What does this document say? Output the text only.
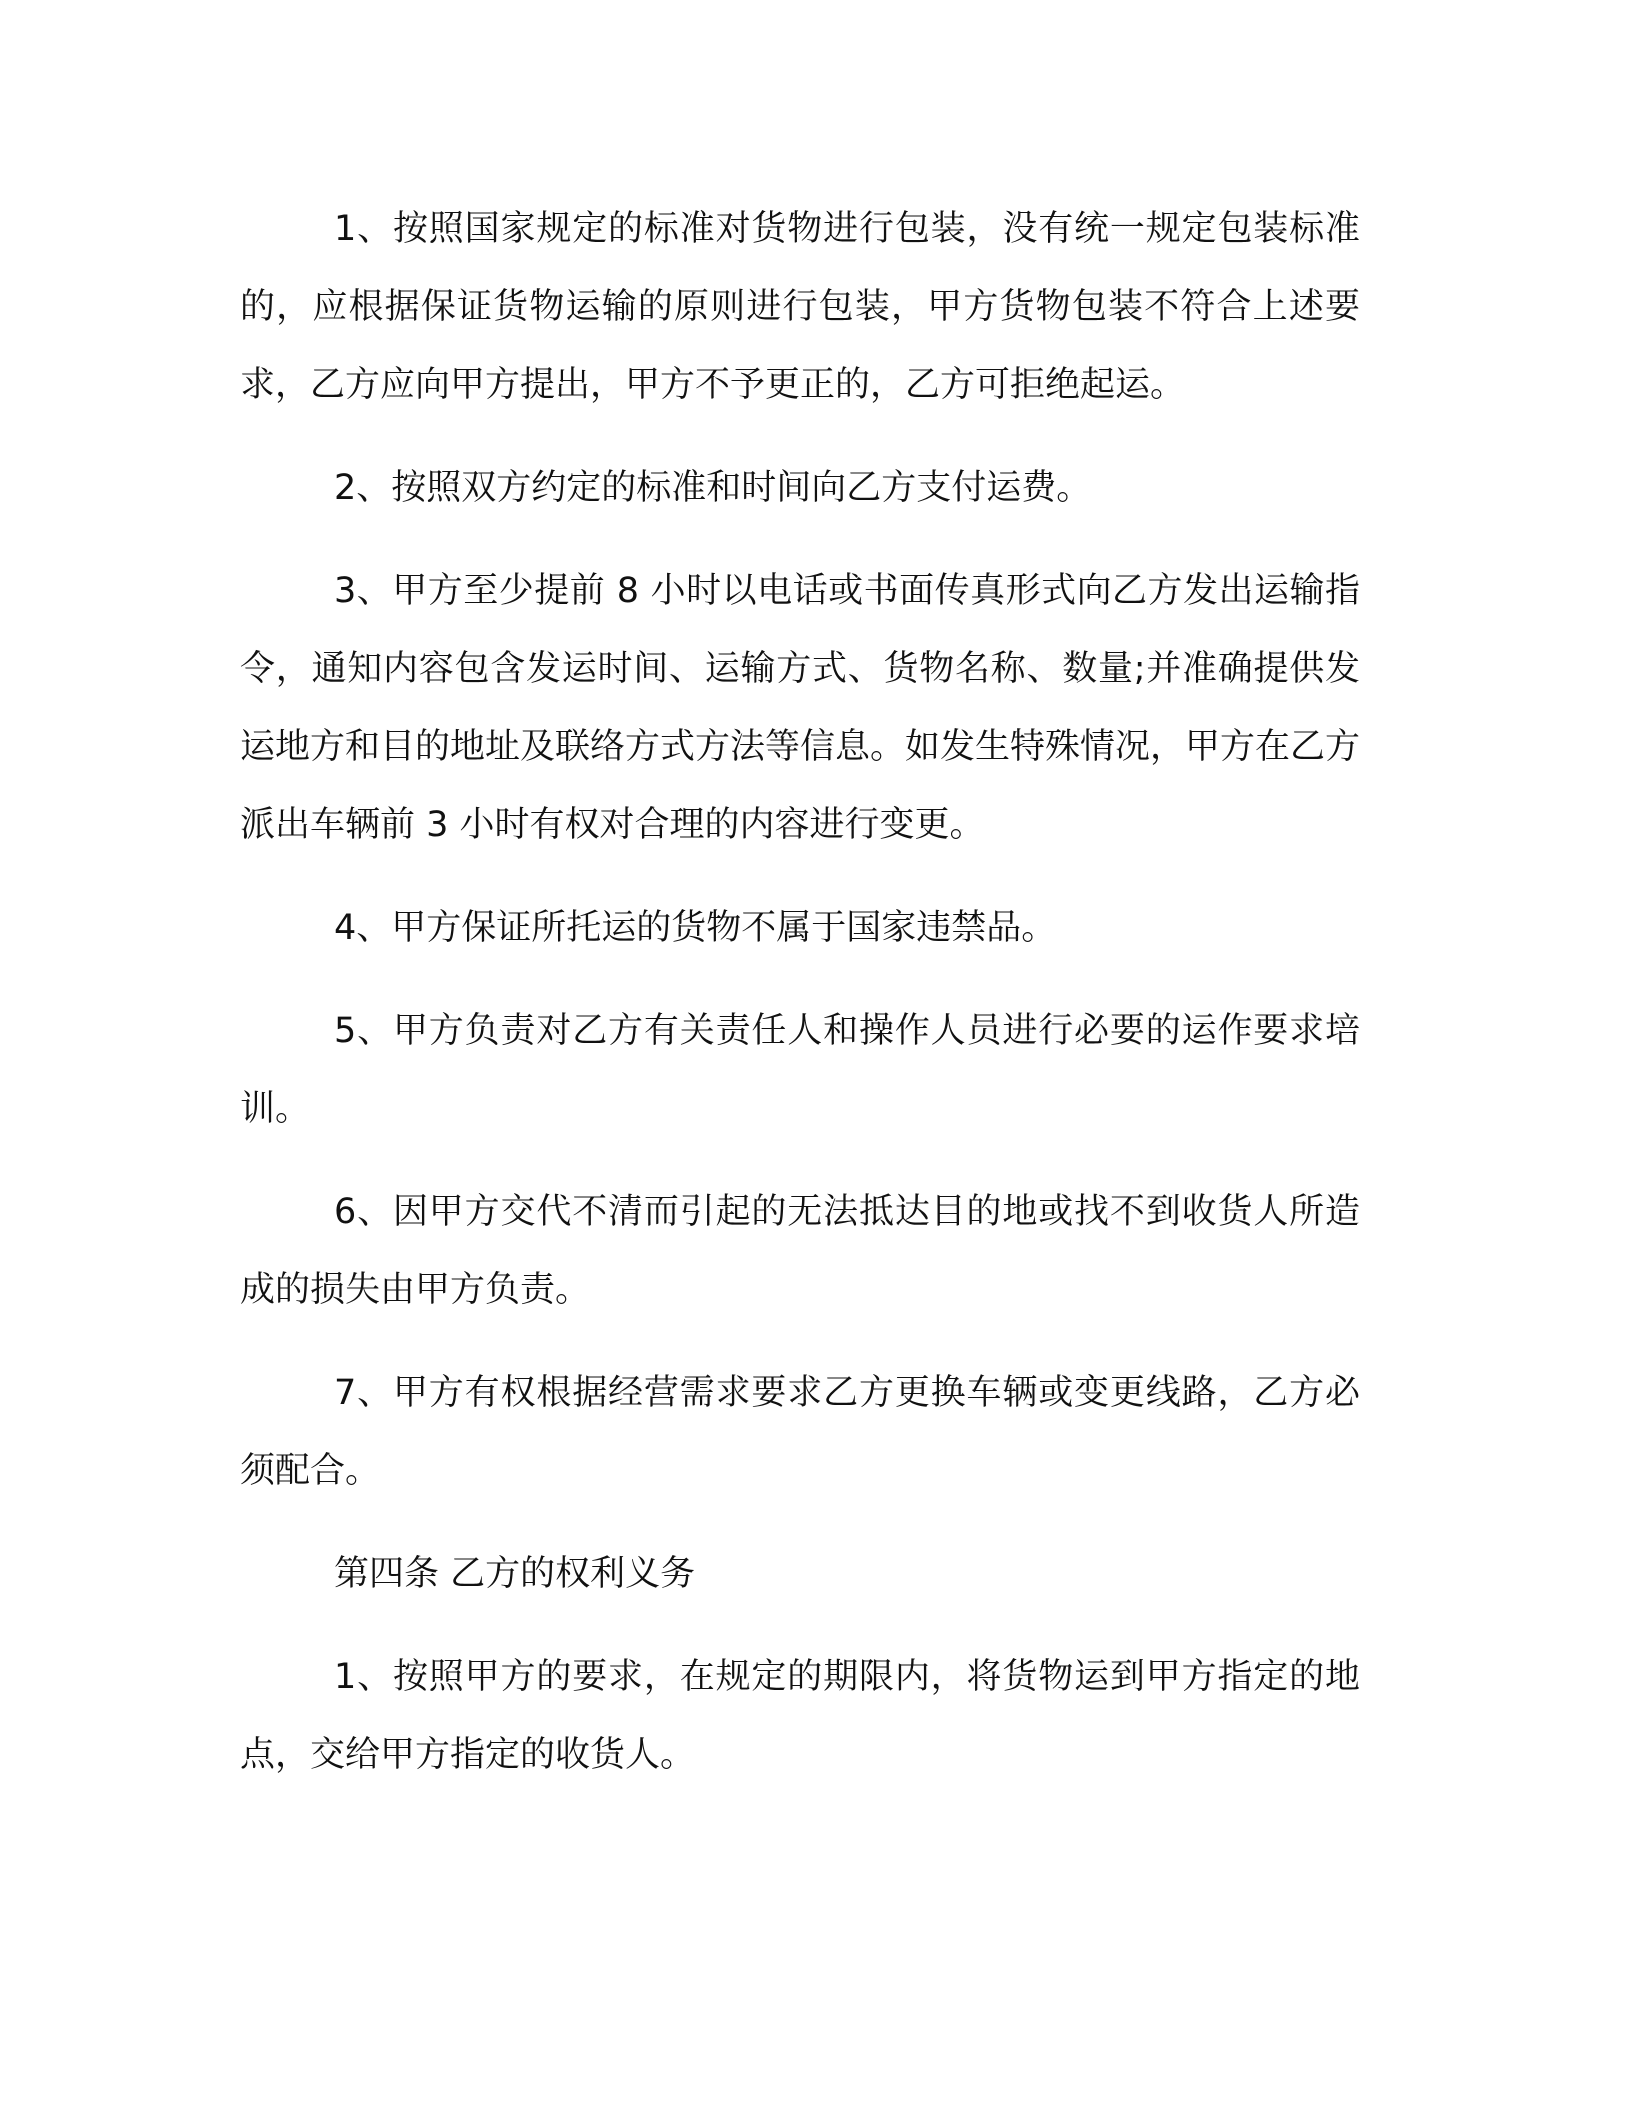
1、按照国家规定的标准对货物进行包装，没有统一规定包装标准的，应根据保证货物运输的原则进行包装，甲方货物包装不符合上述要求，乙方应向甲方提出，甲方不予更正的，乙方可拒绝起运。

2、按照双方约定的标准和时间向乙方支付运费。

3、甲方至少提前 8 小时以电话或书面传真形式向乙方发出运输指令，通知内容包含发运时间、运输方式、货物名称、数量;并准确提供发运地方和目的地址及联络方式方法等信息。如发生特殊情况，甲方在乙方派出车辆前 3 小时有权对合理的内容进行变更。

4、甲方保证所托运的货物不属于国家违禁品。

5、甲方负责对乙方有关责任人和操作人员进行必要的运作要求培训。

6、因甲方交代不清而引起的无法抵达目的地或找不到收货人所造成的损失由甲方负责。

7、甲方有权根据经营需求要求乙方更换车辆或变更线路，乙方必须配合。

第四条 乙方的权利义务

1、按照甲方的要求，在规定的期限内，将货物运到甲方指定的地点，交给甲方指定的收货人。
